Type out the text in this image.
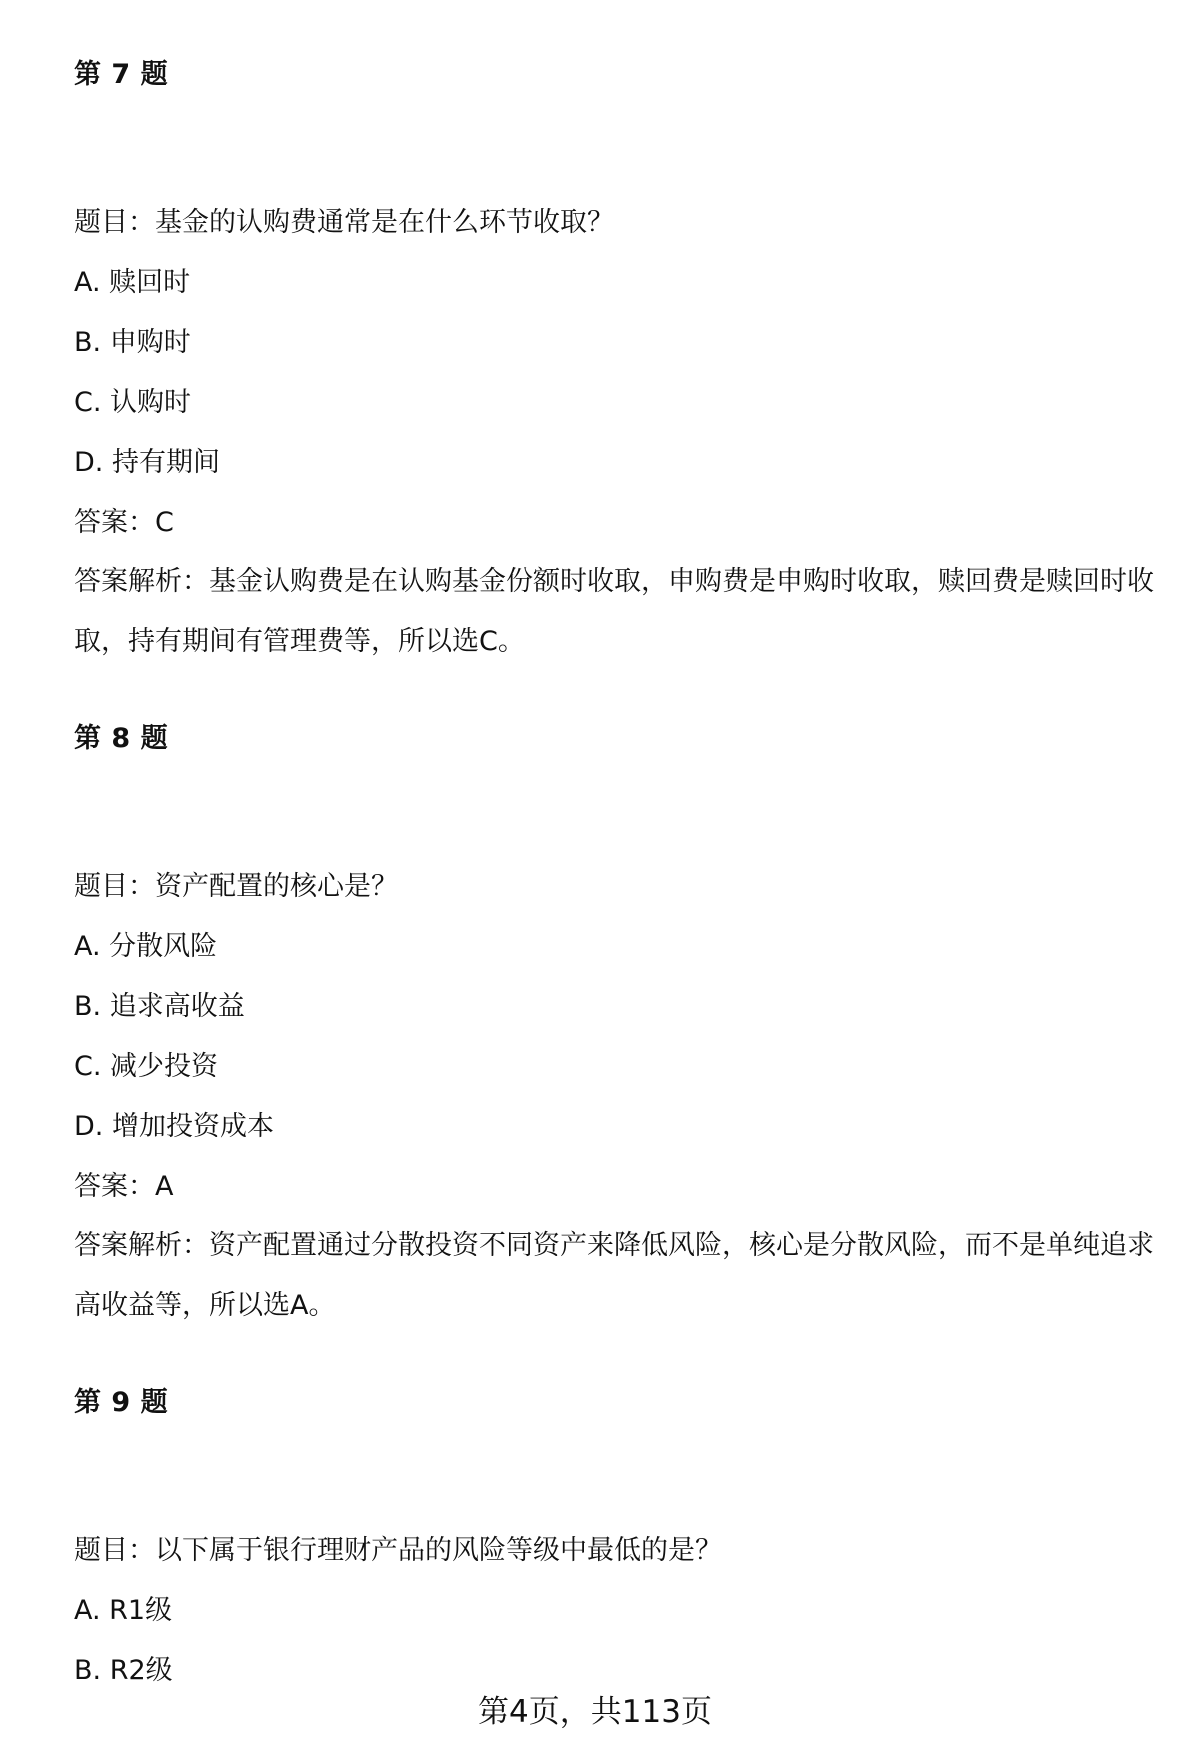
第 7 题
题目：基金的认购费通常是在什么环节收取？
A. 赎回时
B. 申购时
C. 认购时
D. 持有期间
答案：C
答案解析：基金认购费是在认购基金份额时收取，申购费是申购时收取，赎回费是赎回时收取，持有期间有管理费等，所以选C。
第 8 题
题目：资产配置的核心是？
A. 分散风险
B. 追求高收益
C. 减少投资
D. 增加投资成本
答案：A
答案解析：资产配置通过分散投资不同资产来降低风险，核心是分散风险，而不是单纯追求高收益等，所以选A。
第 9 题
题目：以下属于银行理财产品的风险等级中最低的是？
A. R1级
B. R2级
第4页，共113页
